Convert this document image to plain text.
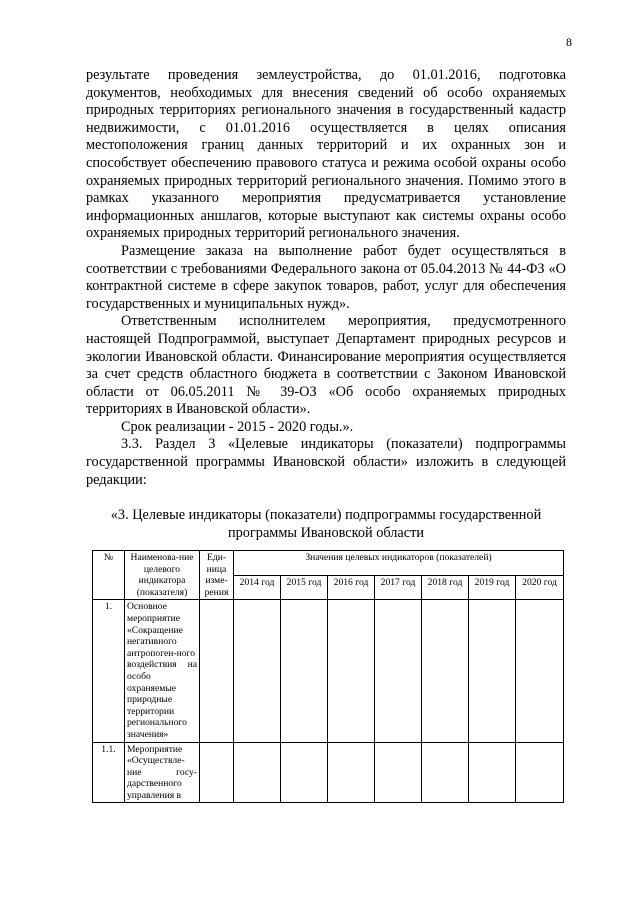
8

результате проведения землеустройства, до 01.01.2016, подготовка документов, необходимых для внесения сведений об особо охраняемых природных территориях регионального значения в государственный кадастр недвижимости, с 01.01.2016 осуществляется в целях описания местоположения границ данных территорий и их охранных зон и способствует обеспечению правового статуса и режима особой охраны особо охраняемых природных территорий регионального значения. Помимо этого в рамках указанного мероприятия предусматривается установление информационных аншлагов, которые выступают как системы охраны особо охраняемых природных территорий регионального значения.

Размещение заказа на выполнение работ будет осуществляться в соответствии с требованиями Федерального закона от 05.04.2013 № 44-ФЗ «О контрактной системе в сфере закупок товаров, работ, услуг для обеспечения государственных и муниципальных нужд».

Ответственным исполнителем мероприятия, предусмотренного настоящей Подпрограммой, выступает Департамент природных ресурсов и экологии Ивановской области. Финансирование мероприятия осуществляется за счет средств областного бюджета в соответствии с Законом Ивановской области от 06.05.2011 № 39-ОЗ «Об особо охраняемых природных территориях в Ивановской области».

Срок реализации - 2015 - 2020 годы.».

3.3. Раздел 3 «Целевые индикаторы (показатели) подпрограммы государственной программы Ивановской области» изложить в следующей редакции:

«3. Целевые индикаторы (показатели) подпрограммы государственной
программы Ивановской области
№	Наименова-ние целевого индикатора (показателя)	Еди-ница изме-рения	Значения целевых индикаторов (показателей)						
			2014 год	2015 год	2016 год	2017 год	2018 год	2019 год	2020 год
1.	Основное мероприятие «Сокращение негативного антропоген-ного воздействия на особо охраняемые природные территории регионального значения»								
1.1.	Мероприятие «Осуществле-ние госу-дарственного управления в								
